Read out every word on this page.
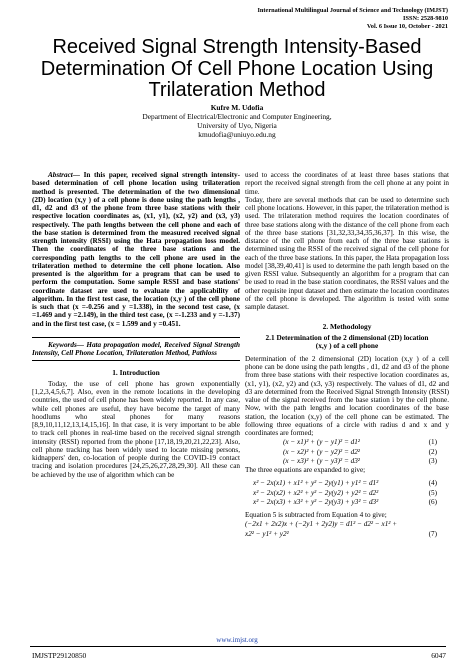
International Multilingual Journal of Science and Technology (IMJST)
ISSN: 2528-9810
Vol. 6 Issue 10, October - 2021
Received Signal Strength Intensity-Based Determination Of Cell Phone Location Using Trilateration Method
Kufre M. Udofia
Department of Electrical/Electronic and Computer Engineering,
University of Uyo, Nigeria
kmudofia@uniuyo.edu.ng

Abstract— In this paper, received signal strength intensity-based determination of cell phone location using trilateration method is presented. The determination of the two dimensional (2D) location (x,y ) of a cell phone is done using the path lengths , d1, d2 and d3 of the phone from three base stations with their respective location coordinates as, (x1, y1), (x2, y2) and (x3, y3) respectively. The path lengths between the cell phone and each of the base station is determined from the measured received signal strength intensity (RSSI) using the Hata propagation loss model. Then the coordinates of the three base stations and the corresponding path lengths to the cell phone are used in the trilateration method to determine the cell phone location. Also presented is the algorithm for a program that can be used to perform the computation. Some sample RSSI and base stations' coordinate dataset are used to evaluate the applicability of algorithm. In the first test case, the location (x,y ) of the cell phone is such that (x =-0.256 and y =1.338), in the second test case, (x =1.469 and y =2.149), in the third test case, (x =-1.233 and y =-1.37) and in the first test case, (x = 1.599 and y =0.451.

Keywords— Hata propagation model, Received Signal Strength Intensity, Cell Phone Location, Trilateration Method, Pathloss

1. Introduction

Today, the use of cell phone has grown exponentially [1,2,3,4,5,6,7]. Also, even in the remote locations in the developing countries, the used of cell phone has been widely reported. In any case, while cell phones are useful, they have become the target of many hoodlums who steal phones for many reasons [8,9,10,11,12,13,14,15,16]. In that case, it is very important to be able to track cell phones in real-time based on the received signal strength intensity (RSSI) reported from the phone [17,18,19,20,21,22,23]. Also, cell phone tracking has been widely used to locate missing persons, kidnappers' den, co-location of people during the COVID-19 contact tracing and isolation procedures [24,25,26,27,28,29,30]. All these can be achieved by the use of algorithm which can be

used to access the coordinates of at least three bases stations that report the received signal strength from the cell phone at any point in time.

Today, there are several methods that can be used to determine such cell phone locations. However, in this paper, the trilateration method is used. The trilateration method requires the location coordinates of three base stations along with the distance of the cell phone from each of the three base stations [31,32,33,34,35,36,37]. In this wise, the distance of the cell phone from each of the three base stations is determined using the RSSI of the received signal of the cell phone for each of the three base stations. In this paper, the Hata propagation loss model [38,39,40,41] is used to determine the path length based on the given RSSI value. Subsequently an algorithm for a program that can be used to read in the base station coordinates, the RSSI values and the other requisite input dataset and then estimate the location coordinates of the cell phone is developed. The algorithm is tested with some sample dataset.

2. Methodology
2.1 Determination of the 2 dimensional (2D) location
(x,y ) of a cell phone

Determination of the 2 dimensional (2D) location (x,y ) of a cell phone can be done using the path lengths , d1, d2 and d3 of the phone from three base stations with their respective location coordinates as, (x1, y1), (x2, y2) and (x3, y3) respectively. The values of d1, d2 and d3 are determined from the Received Signal Strength Intensity (RSSI) value of the signal received from the base station i by the cell phone. Now, with the path lengths and location coordinates of the base station, the location (x,y) of the cell phone can be estimated. The following three equations of a circle with radius d and x and y coordinates are formed;

(x − x1)² + (y − y1)² = d1²	(1)
(x − x2)² + (y − y2)² = d2²	(2)
(x − x3)² + (y − y3)² = d3²	(3)

The three equations are expanded to give;

x² − 2x(x1) + x1² + y² − 2y(y1) + y1² = d1²	(4)
x² − 2x(x2) + x2² + y² − 2y(y2) + y2² = d2²	(5)
x² − 2x(x3) + x3² + y² − 2y(y3) + y3² = d3²	(6)

Equation 5 is subtracted from Equation 4 to give;

(−2x1 + 2x2)x + (−2y1 + 2y2)y = d1² − d2² − x1² +
x2² − y1² + y2²	(7)
www.imjst.org
IMJSTP29120850	6047
